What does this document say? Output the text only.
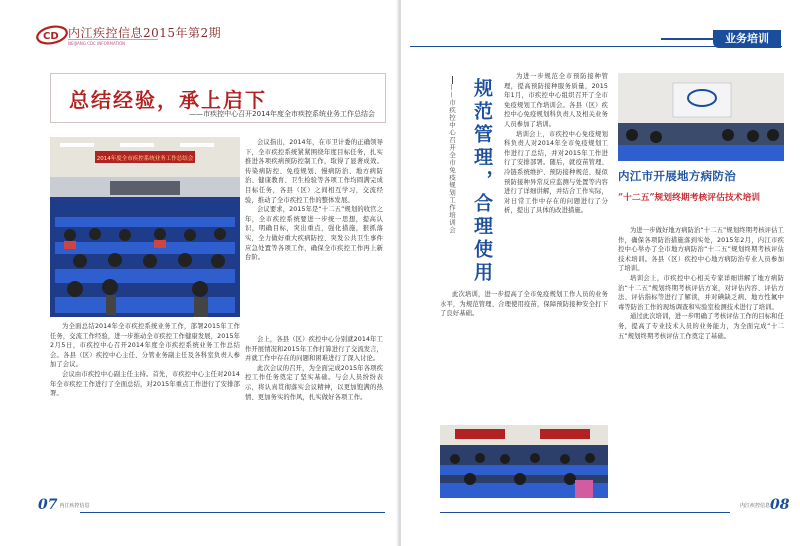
CD 内江疾控信息2015年第2期
NEIJIANG CDC INFORMATION
总结经验，承上启下
——市疾控中心召开2014年度全市疾控系统业务工作总结会
2014年度全市疾控系统业务工作总结会

会议指出，2014年，在市卫计委的正确领导下，全市疾控系统紧紧围绕年度目标任务，扎实推进各项疾病预防控制工作，取得了显著成效。传染病防控、免疫规划、慢病防治、地方病防治、健康教育、卫生检验等各项工作均圆满完成目标任务，各县（区）之间相互学习，交流经验，推动了全市疾控工作的整体发展。

会议要求，2015年是“十二五”规划的收官之年，全市疾控系统要进一步统一思想，提高认识，明确目标，突出重点，强化措施，狠抓落实，全力做好重大疾病防控、突发公共卫生事件应急处置等各项工作，确保全市疾控工作再上新台阶。

为全面总结2014年全市疾控系统业务工作，部署2015年工作任务，交流工作经验，进一步推动全市疾控工作健康发展，2015年2月5日，市疾控中心召开2014年度全市疾控系统业务工作总结会。各县（区）疾控中心主任、分管业务副主任及各科室负责人参加了会议。

会议由市疾控中心副主任主持。首先，市疾控中心主任对2014年全市疾控工作进行了全面总结，对2015年重点工作进行了安排部署。

会上，各县（区）疾控中心分别就2014年工作开展情况和2015年工作打算进行了交流发言，并就工作中存在的问题和困难进行了深入讨论。

此次会议的召开，为全面完成2015年各项疾控工作任务奠定了坚实基础。与会人员纷纷表示，将认真贯彻落实会议精神，以更加饱满的热情、更加务实的作风，扎实做好各项工作。

07 内江疾控信息
业务培训
——市疾控中心召开全市免疫规划工作培训会 规范管理，合理使用

为进一步规范全市预防接种管理，提高预防接种服务质量，2015年1月，市疾控中心组织召开了全市免疫规划工作培训会。各县（区）疾控中心免疫规划科负责人及相关业务人员参加了培训。

培训会上，市疾控中心免疫规划科负责人对2014年全市免疫规划工作进行了总结，并对2015年工作进行了安排部署。随后，就疫苗管理、冷链系统维护、预防接种规范、疑似预防接种异常反应监测与处置等内容进行了详细讲解，并结合工作实际，对日常工作中存在的问题进行了分析，提出了具体的改进措施。

此次培训，进一步提高了全市免疫规划工作人员的业务水平，为规范管理、合理使用疫苗，保障预防接种安全打下了良好基础。

内江市开展地方病防治
“十二五”规划终期考核评估技术培训

为进一步做好地方病防治“十二五”规划终期考核评估工作，确保各项防治措施落到实处，2015年2月，内江市疾控中心举办了全市地方病防治“十二五”规划终期考核评估技术培训。各县（区）疾控中心地方病防治专业人员参加了培训。

培训会上，市疾控中心相关专家详细讲解了地方病防治“十二五”规划终期考核评估方案，对评估内容、评估方法、评估指标等进行了解读，并对碘缺乏病、地方性氟中毒等防治工作的现场调查和实验室检测技术进行了培训。

通过此次培训，进一步明确了考核评估工作的目标和任务，提高了专业技术人员的业务能力，为全面完成“十二五”规划终期考核评估工作奠定了基础。

内江疾控信息08
